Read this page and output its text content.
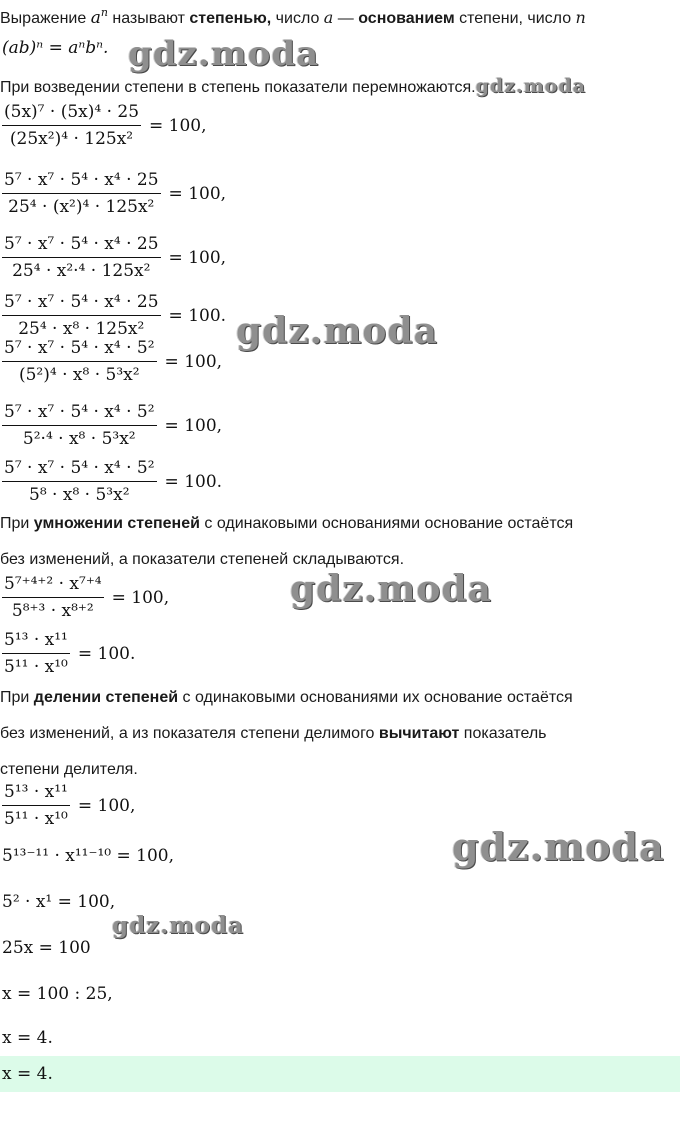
Выражение $a^n$ называют степенью, число a — основанием степени, число n
(ab)ⁿ = aⁿbⁿ. gdz.moda
При возведении степени в степень показатели перемножаются.gdz.moda
$\frac{\text{(5x)⁷ · (5x)⁴ · 25}}{\text{(25x²)⁴ · 125x²}} = 100$,
$\frac{\text{5⁷ · x⁷ · 5⁴ · x⁴ · 25}}{\text{25⁴ · (x²)⁴ · 125x²}} = 100$,
$\frac{\text{5⁷ · x⁷ · 5⁴ · x⁴ · 25}}{\text{25⁴ · x²·⁴ · 125x²}} = 100$,
$\frac{\text{5⁷ · x⁷ · 5⁴ · x⁴ · 25}}{\text{25⁴ · x⁸ · 125x²}} = 100$. gdz.moda
$\frac{\text{5⁷ · x⁷ · 5⁴ · x⁴ · 5²}}{\text{(5²)⁴ · x⁸ · 5³x²}} = 100$,
$\frac{\text{5⁷ · x⁷ · 5⁴ · x⁴ · 5²}}{\text{5²·⁴ · x⁸ · 5³x²}} = 100$,
$\frac{\text{5⁷ · x⁷ · 5⁴ · x⁴ · 5²}}{\text{5⁸ · x⁸ · 5³x²}} = 100$.
При умножении степеней с одинаковыми основаниями основание остаётся
без изменений, а показатели степеней складываются.
$\frac{\text{5⁷⁺⁴⁺² · x⁷⁺⁴}}{\text{5⁸⁺³ · x⁸⁺²}} = 100$,	gdz.moda
$\frac{\text{5¹³ · x¹¹}}{\text{5¹¹ · x¹⁰}} = 100$.
При делении степеней с одинаковыми основаниями их основание остаётся
без изменений, а из показателя степени делимого вычитают показатель
степени делителя.
$\frac{\text{5¹³ · x¹¹}}{\text{5¹¹ · x¹⁰}} = 100$,
gdz.moda
5¹³⁻¹¹ · x¹¹⁻¹⁰ = 100,
5² · x¹ = 100,
gdz.moda
25x = 100
x = 100 : 25,
x = 4.
x = 4.
